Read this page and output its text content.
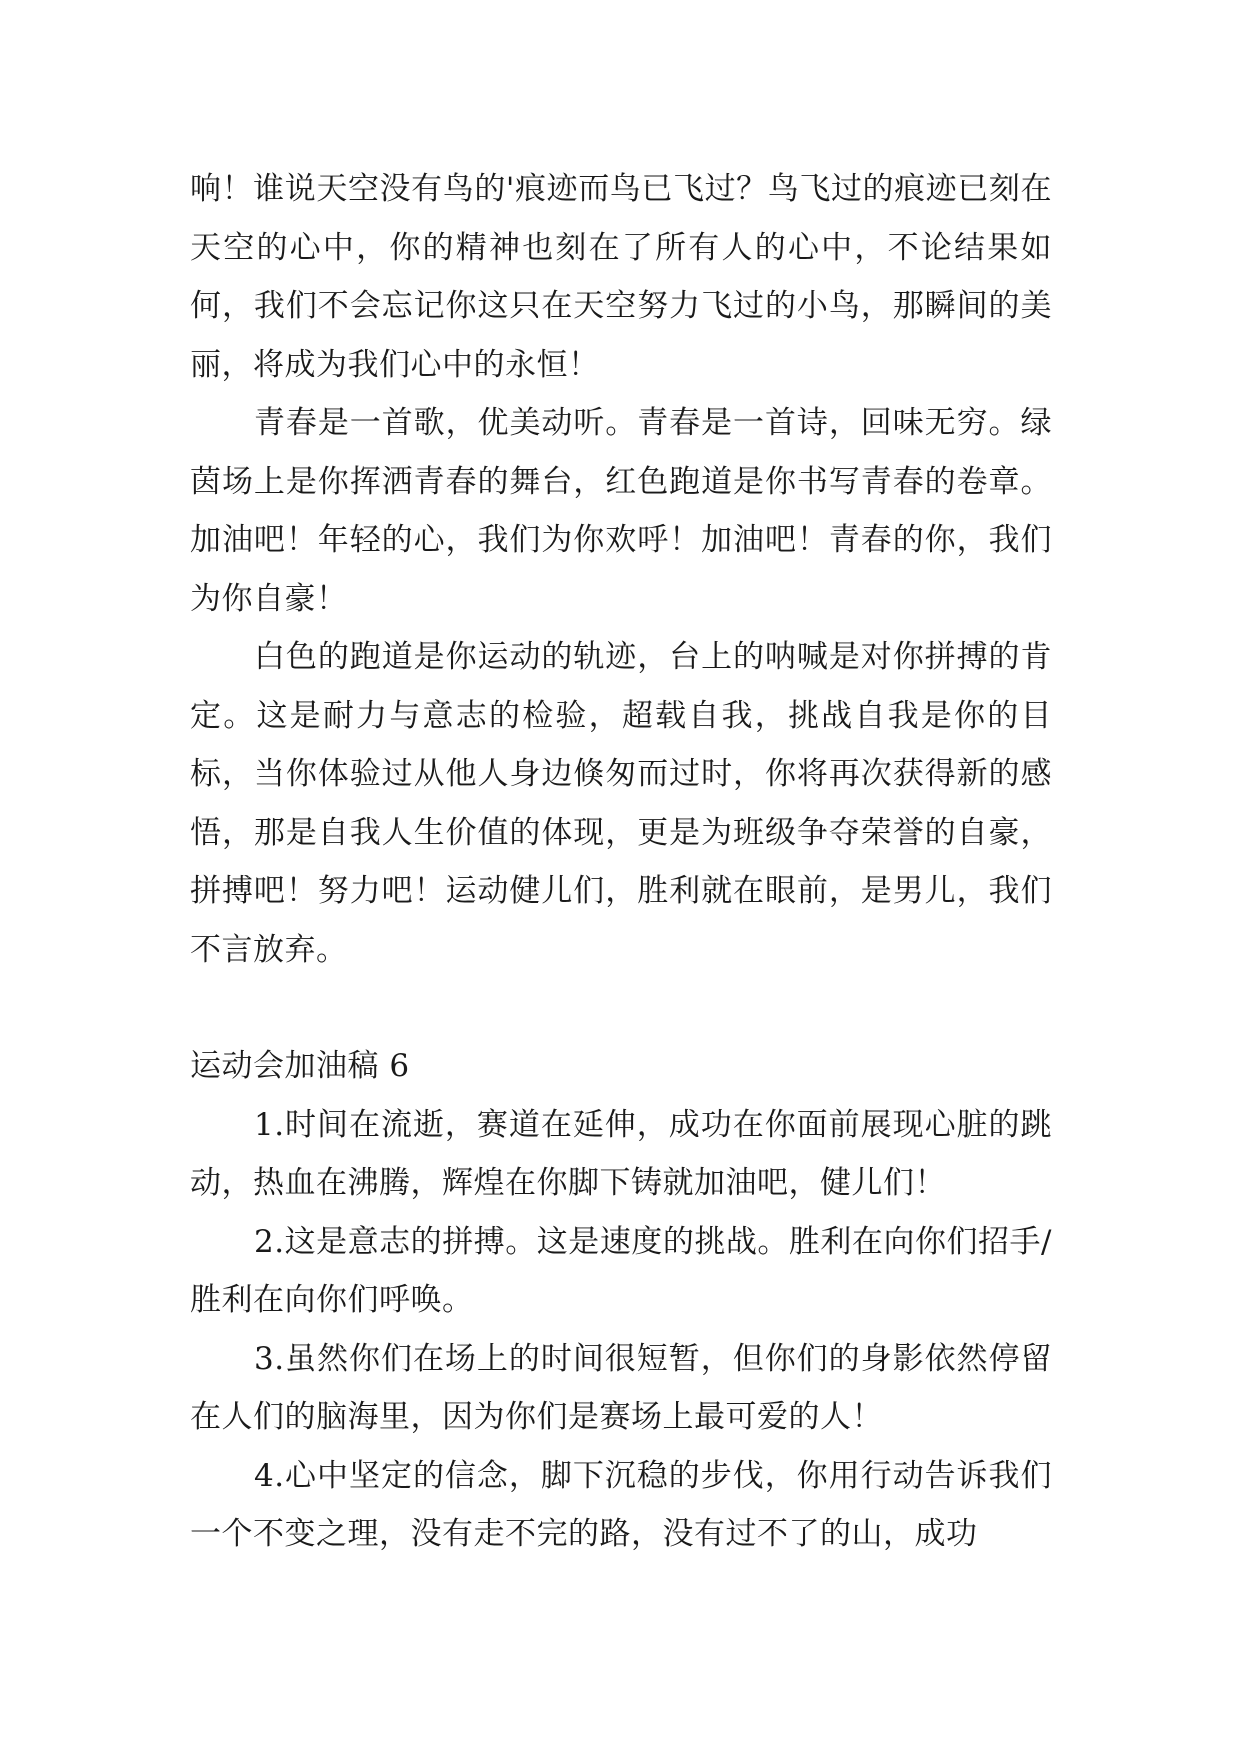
响！谁说天空没有鸟的'痕迹而鸟已飞过？鸟飞过的痕迹已刻在天空的心中，你的精神也刻在了所有人的心中，不论结果如何，我们不会忘记你这只在天空努力飞过的小鸟，那瞬间的美丽，将成为我们心中的永恒！

青春是一首歌，优美动听。青春是一首诗，回味无穷。绿茵场上是你挥洒青春的舞台，红色跑道是你书写青春的卷章。加油吧！年轻的心，我们为你欢呼！加油吧！青春的你，我们为你自豪！

白色的跑道是你运动的轨迹，台上的呐喊是对你拼搏的肯定。这是耐力与意志的检验，超载自我，挑战自我是你的目标，当你体验过从他人身边倏匆而过时，你将再次获得新的感悟，那是自我人生价值的体现，更是为班级争夺荣誉的自豪，拼搏吧！努力吧！运动健儿们，胜利就在眼前，是男儿，我们不言放弃。

运动会加油稿 6

1.时间在流逝，赛道在延伸，成功在你面前展现心脏的跳动，热血在沸腾，辉煌在你脚下铸就加油吧，健儿们！

2.这是意志的拼搏。这是速度的挑战。胜利在向你们招手/胜利在向你们呼唤。

3.虽然你们在场上的时间很短暂，但你们的身影依然停留在人们的脑海里，因为你们是赛场上最可爱的人！

4.心中坚定的信念，脚下沉稳的步伐，你用行动告诉我们一个不变之理，没有走不完的路，没有过不了的山，成功
